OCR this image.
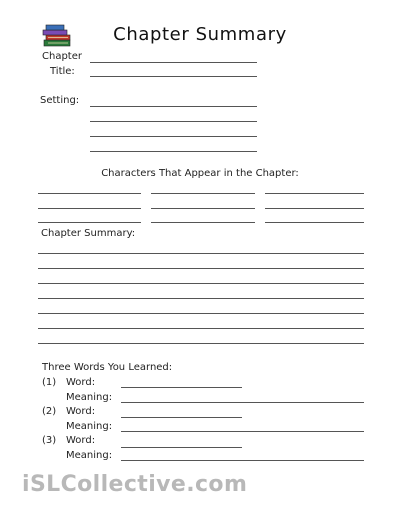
Chapter Summary
Chapter
Title:
Setting:
Characters That Appear in the Chapter:
Chapter Summary:
Three Words You Learned:
(1) Word:
Meaning:
(2) Word:
Meaning:
(3) Word:
Meaning:
iSLCollective.com
